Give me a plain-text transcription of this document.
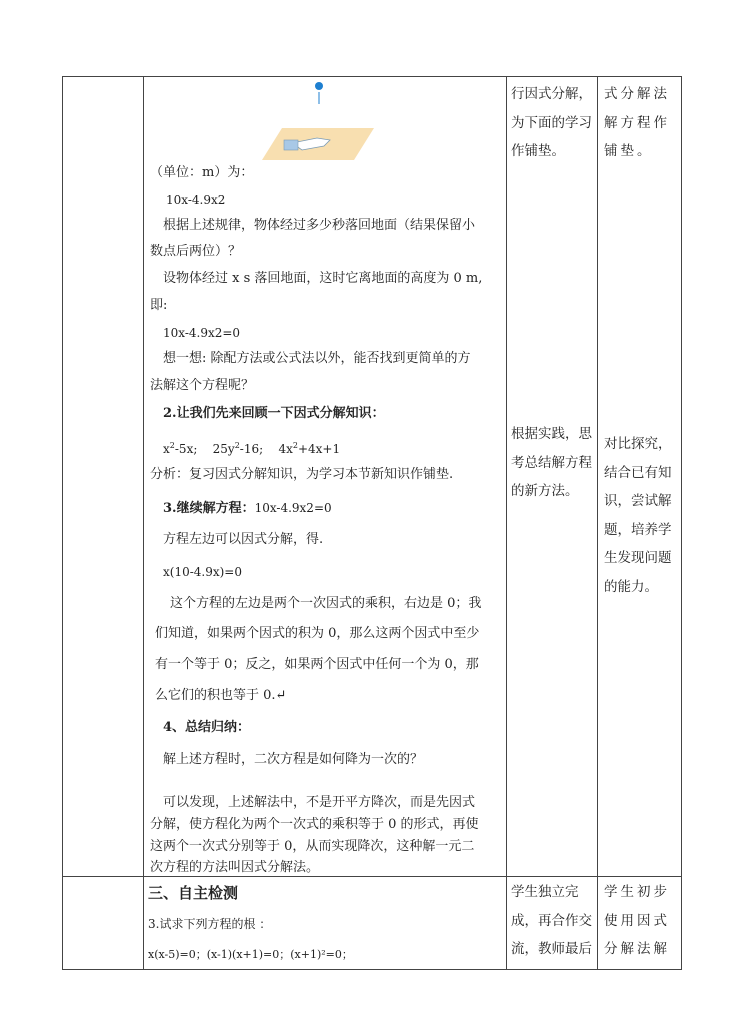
（单位：m）为：
10x-4.9x2
根据上述规律，物体经过多少秒落回地面（结果保留小
数点后两位）？
设物体经过 x s 落回地面，这时它离地面的高度为 0 m,
即:
10x-4.9x2=0
想一想: 除配方法或公式法以外，能否找到更简单的方
法解这个方程呢？
2.让我们先来回顾一下因式分解知识：
$x^2-5x$; $25y^2-16$; $4x^2+4x+1$
分析：复习因式分解知识，为学习本节新知识作铺垫.
3.继续解方程：10x-4.9x2=0
方程左边可以因式分解，得.
x(10-4.9x)=0
这个方程的左边是两个一次因式的乘积，右边是 0；我
们知道，如果两个因式的积为 0，那么这两个因式中至少
有一个等于 0；反之，如果两个因式中任何一个为 0，那
么它们的积也等于 0.↵
4、总结归纳：
解上述方程时，二次方程是如何降为一次的？
可以发现，上述解法中，不是开平方降次，而是先因式
分解，使方程化为两个一次式的乘积等于 0 的形式，再使
这两个一次式分别等于 0，从而实现降次，这种解一元二
次方程的方法叫因式分解法。
三、自主检测
3.试求下列方程的根 ：
x(x-5)=0；(x-1)(x+1)=0；(x+1)²=0；
行因式分解，为下面的学习作铺垫。
根据实践，思考总结解方程的新方法。
学生独立完成，再合作交流，教师最后
式分解法解方程作铺垫。
对比探究，结合已有知识，尝试解题，培养学生发现问题的能力。
学生初步使用因式分解法解
